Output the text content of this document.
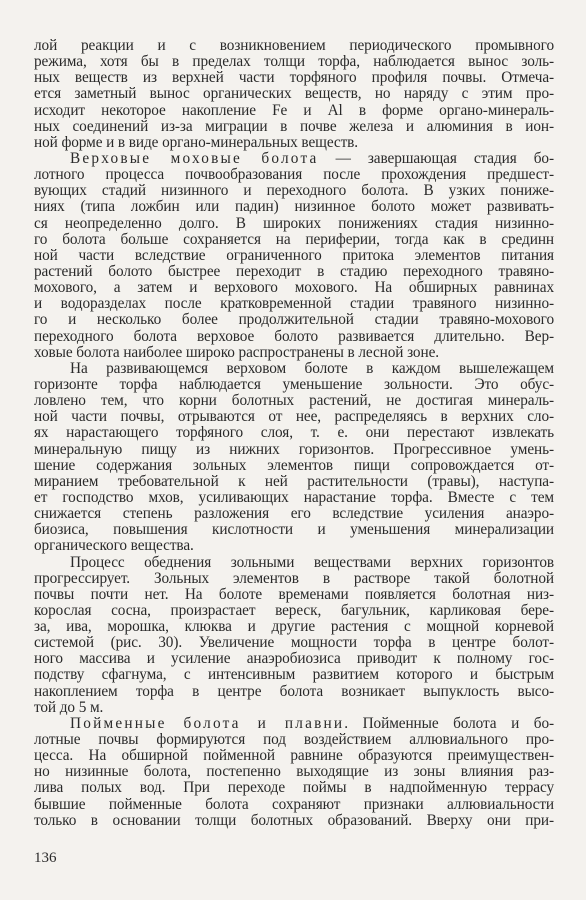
лой реакции и с возникновением периодического промывного
режима, хотя бы в пределах толщи торфа, наблюдается вынос золь-
ных веществ из верхней части торфяного профиля почвы. Отмеча-
ется заметный вынос органических веществ, но наряду с этим про-
исходит некоторое накопление Fe и Al в форме органо-минераль-
ных соединений из-за миграции в почве железа и алюминия в ион-
ной форме и в виде органо-минеральных веществ.
Верховые моховые болота — завершающая стадия бо-
лотного процесса почвообразования после прохождения предшест-
вующих стадий низинного и переходного болота. В узких пониже-
ниях (типа ложбин или падин) низинное болото может развивать-
ся неопределенно долго. В широких понижениях стадия низинно-
го болота больше сохраняется на периферии, тогда как в срединн
ной части вследствие ограниченного притока элементов питания
растений болото быстрее переходит в стадию переходного травяно-
мохового, а затем и верхового мохового. На обширных равнинах
и водоразделах после кратковременной стадии травяного низинно-
го и несколько более продолжительной стадии травяно-мохового
переходного болота верховое болото развивается длительно. Вер-
ховые болота наиболее широко распространены в лесной зоне.
На развивающемся верховом болоте в каждом вышележащем
горизонте торфа наблюдается уменьшение зольности. Это обус-
ловлено тем, что корни болотных растений, не достигая минераль-
ной части почвы, отрываются от нее, распределяясь в верхних сло-
ях нарастающего торфяного слоя, т. е. они перестают извлекать
минеральную пищу из нижних горизонтов. Прогрессивное умень-
шение содержания зольных элементов пищи сопровождается от-
миранием требовательной к ней растительности (травы), наступа-
ет господство мхов, усиливающих нарастание торфа. Вместе с тем
снижается степень разложения его вследствие усиления анаэро-
биозиса, повышения кислотности и уменьшения минерализации
органического вещества.
Процесс обеднения зольными веществами верхних горизонтов
прогрессирует. Зольных элементов в растворе такой болотной
почвы почти нет. На болоте временами появляется болотная низ-
корослая сосна, произрастает вереск, багульник, карликовая бере-
за, ива, морошка, клюква и другие растения с мощной корневой
системой (рис. 30). Увеличение мощности торфа в центре болот-
ного массива и усиление анаэробиозиса приводит к полному гос-
подству сфагнума, с интенсивным развитием которого и быстрым
накоплением торфа в центре болота возникает выпуклость высо-
той до 5 м.
Пойменные болота и плавни. Пойменные болота и бо-
лотные почвы формируются под воздействием аллювиального про-
цесса. На обширной пойменной равнине образуются преимуществен-
но низинные болота, постепенно выходящие из зоны влияния раз-
лива полых вод. При переходе поймы в надпойменную террасу
бывшие пойменные болота сохраняют признаки аллювиальности
только в основании толщи болотных образований. Вверху они при-
136
